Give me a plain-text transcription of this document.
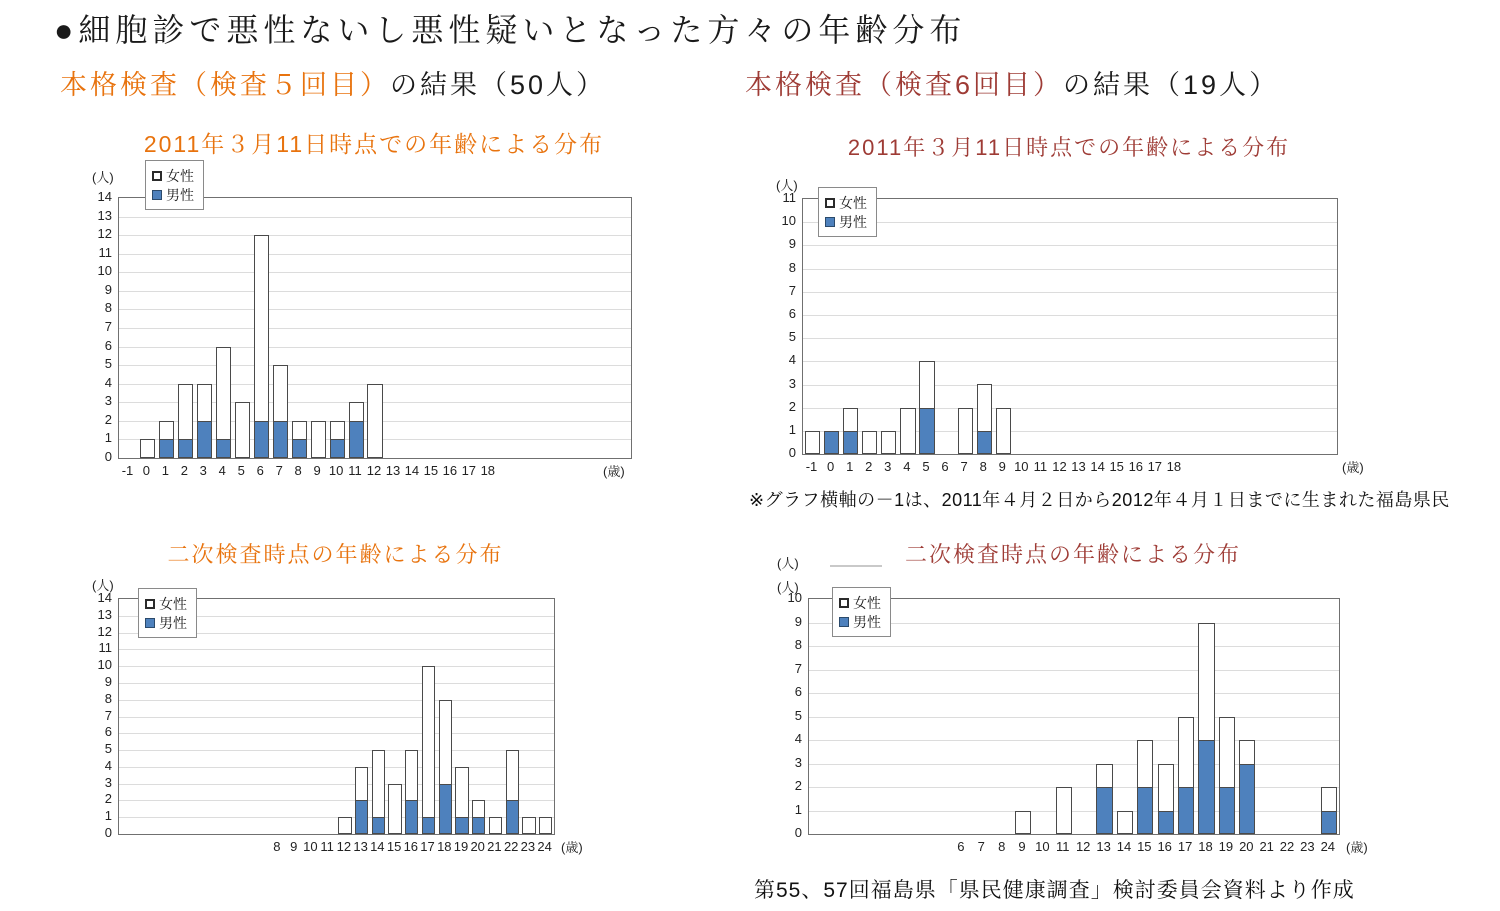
●細胞診で悪性ないし悪性疑いとなった方々の年齢分布
本格検査（検査５回目）の結果（50人）	本格検査（検査6回目）の結果（19人）
2011年３月11日時点での年齢による分布
0
1
2
3
4
5
6
7
8
9
10
11
12
13
14
(人)
-1 0 1 2 3 4 5 6 7 8 9 10 11 12 13 14 15 16 17 18	(歳)
女性
男性
2011年３月11日時点での年齢による分布
0
1
2
3
4
5
6
7
8
9
10
11
(人)
-1 0 1 2 3 4 5 6 7 8 9 10 11 12 13 14 15 16 17 18	(歳)
女性
男性
二次検査時点の年齢による分布
0
1
2
3
4
5
6
7
8
9
10
11
12
13
14
(人)
8 9 10 11 12 13 14 15 16 17 18 19 20 21 22 23 24 (歳)
女性
男性
二次検査時点の年齢による分布
0
1
2
3
4
5
6
7
8
9
10
(人)
(人)
6 7 8 9 10 11 12 13 14 15 16 17 18 19 20 21 22 23 24 (歳)
女性
男性
※グラフ横軸の－1は、2011年４月２日から2012年４月１日までに生まれた福島県民
第55、57回福島県「県民健康調査」検討委員会資料より作成
